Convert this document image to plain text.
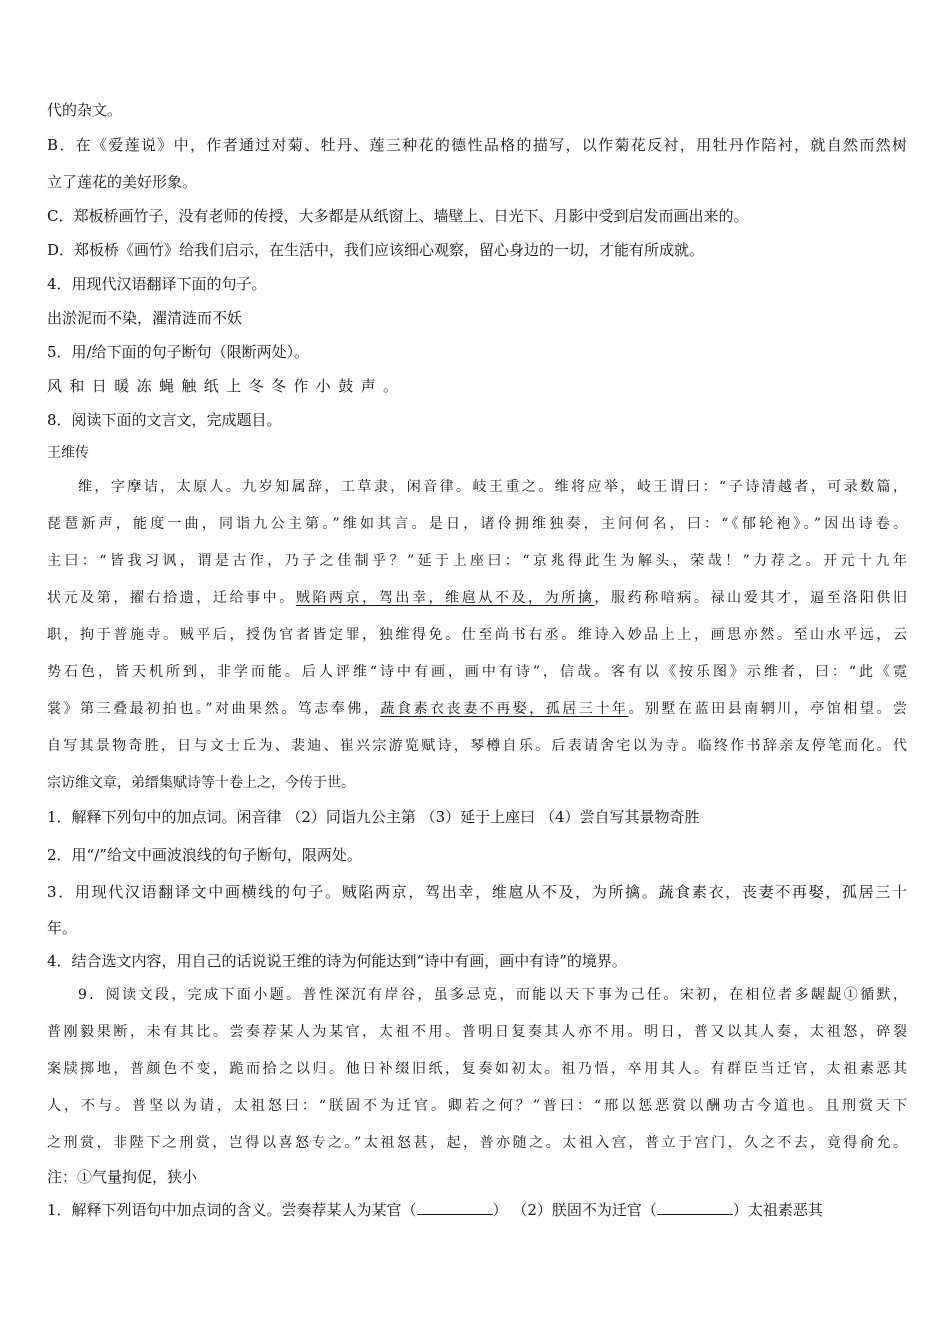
代的杂文。

B．在《爱莲说》中，作者通过对菊、牡丹、莲三种花的德性品格的描写，以作菊花反衬，用牡丹作陪衬，就自然而然树

立了莲花的美好形象。

C．郑板桥画竹子，没有老师的传授，大多都是从纸窗上、墙壁上、日光下、月影中受到启发而画出来的。

D．郑板桥《画竹》给我们启示，在生活中，我们应该细心观察，留心身边的一切，才能有所成就。

4．用现代汉语翻译下面的句子。

出淤泥而不染，濯清涟而不妖

5．用/给下面的句子断句（限断两处）。

风和日暖冻蝇触纸上冬冬作小鼓声。

8．阅读下面的文言文，完成题目。

王维传

维，字摩诘，太原人。九岁知属辞，工草隶，闲音律。岐王重之。维将应举，岐王谓曰：“子诗清越者，可录数篇，

琵琶新声，能度一曲，同诣九公主第。”维如其言。是日，诸伶拥维独奏，主问何名，曰：“《郁轮袍》。”因出诗卷。

主曰：“皆我习讽，谓是古作，乃子之佳制乎？”延于上座曰：“京兆得此生为解头，荣哉！”力荐之。开元十九年

状元及第，擢右拾遗，迁给事中。贼陷两京，驾出幸，维扈从不及，为所擒，服药称喑病。禄山爱其才，逼至洛阳供旧

职，拘于普施寺。贼平后，授伪官者皆定罪，独维得免。仕至尚书右丞。维诗入妙品上上，画思亦然。至山水平远，云

势石色，皆天机所到，非学而能。后人评维“诗中有画，画中有诗”，信哉。客有以《按乐图》示维者，曰：“此《霓

裳》第三叠最初拍也。”对曲果然。笃志奉佛，蔬食素衣丧妻不再娶，孤居三十年。别墅在蓝田县南辋川，亭馆相望。尝

自写其景物奇胜，日与文士丘为、裴迪、崔兴宗游览赋诗，琴樽自乐。后表请舍宅以为寺。临终作书辞亲友停笔而化。代

宗访维文章，弟缙集赋诗等十卷上之，今传于世。

1．解释下列句中的加点词。闲音律 （2）同诣九公主第 （3）延于上座曰 （4）尝自写其景物奇胜

2．用“/”给文中画波浪线的句子断句，限两处。

3．用现代汉语翻译文中画横线的句子。贼陷两京，驾出幸，维扈从不及，为所擒。蔬食素衣，丧妻不再娶，孤居三十

年。

4．结合选文内容，用自己的话说说王维的诗为何能达到“诗中有画，画中有诗”的境界。

9．阅读文段，完成下面小题。普性深沉有岸谷，虽多忌克，而能以天下事为己任。宋初，在相位者多龌龊①循默，

普刚毅果断，未有其比。尝奏荐某人为某官，太祖不用。普明日复奏其人亦不用。明日，普又以其人奏，太祖怒，碎裂

案牍掷地，普颜色不变，跪而拾之以归。他日补缀旧纸，复奏如初太。祖乃悟，卒用其人。有群臣当迁官，太祖素恶其

人，不与。普坚以为请，太祖怒曰：“朕固不为迁官。卿若之何？”普曰：“邢以惩恶赏以酬功古今道也。且刑赏天下

之刑赏，非陛下之刑赏，岂得以喜怒专之。”太祖怒甚，起，普亦随之。太祖入宫，普立于宫门，久之不去，竟得俞允。

注：①气量拘促，狭小

1．解释下列语句中加点词的含义。尝奏荐某人为某官（	） （2）朕固不为迁官（	）太祖素恶其
